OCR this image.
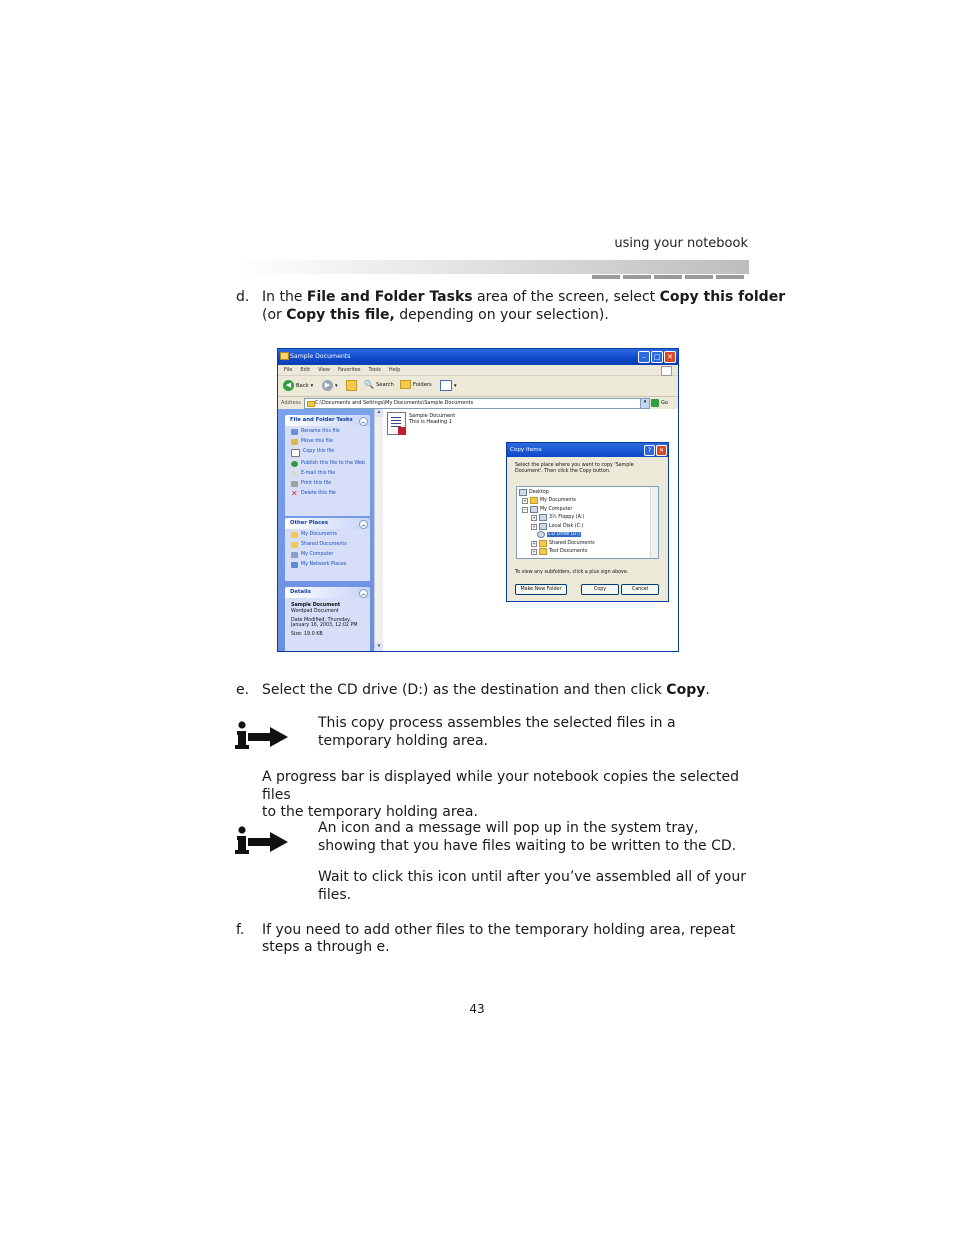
using your notebook
d. In the File and Folder Tasks area of the screen, select Copy this folder
(or Copy this file, depending on your selection).
Sample Documents	–	□ ✕
File Edit View Favorites Tools Help
◀ Back ▾	▶ ▾	🔍 Search	Folders	▾
Address	C:\Documents and Settings\My Documents\Sample Documents	▾	Go
File and Folder Tasks	︽
Rename this file
Move this file
Copy this file
Publish this file to the Web
E-mail this file
Print this file
✕ Delete this file
Other Places	︽
My Documents
Shared Documents
My Computer
My Network Places
Details	︽
Sample Document
Wordpad Document
Date Modified: Thursday, January 16, 2003, 12:02 PM
Size: 19.0 KB
▴
▾
Sample Document
This is Heading 1
Copy Items	?	✕
Select the place where you want to copy 'Sample Document'. Then click the Copy button.
Desktop
+	My Documents
−	My Computer
+	3½ Floppy (A:)
+	Local Disk (C:)
CD Drive (D:)
+	Shared Documents
+	Test Documents
To view any subfolders, click a plus sign above.
Make New Folder	Copy	Cancel
e. Select the CD drive (D:) as the destination and then click Copy.
This copy process assembles the selected files in a
temporary holding area.
A progress bar is displayed while your notebook copies the selected files
to the temporary holding area.
An icon and a message will pop up in the system tray,
showing that you have files waiting to be written to the CD.
Wait to click this icon until after you’ve assembled all of your
files.
f. If you need to add other files to the temporary holding area, repeat
steps a through e.
43
